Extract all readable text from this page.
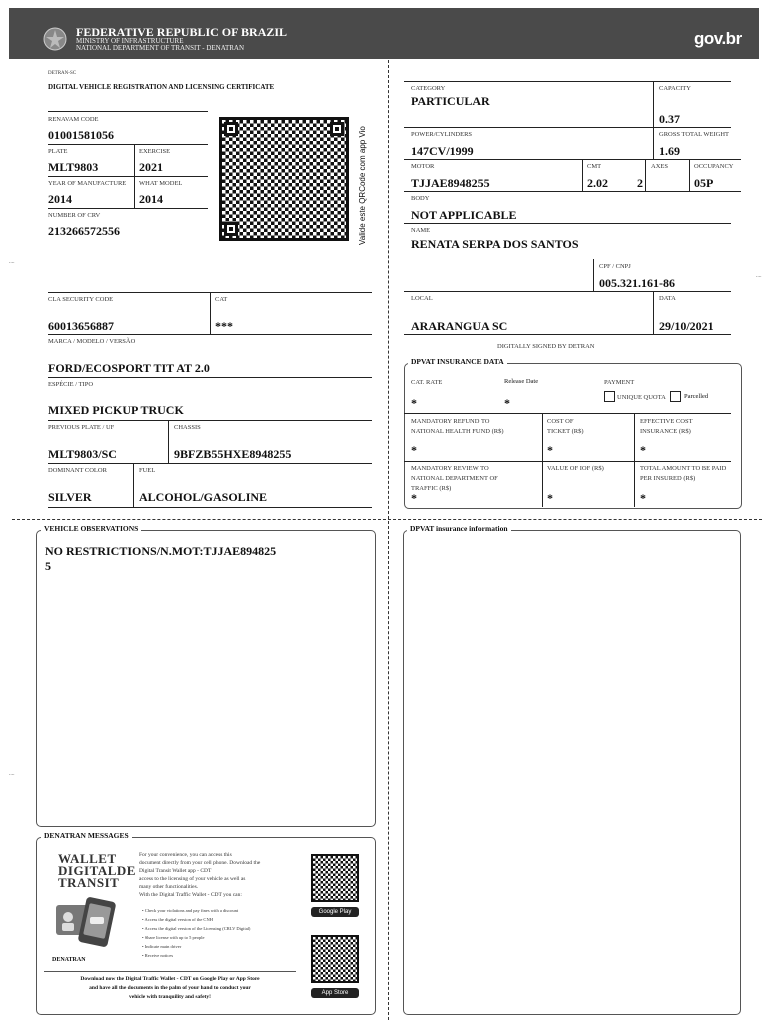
FEDERATIVE REPUBLIC OF BRAZIL
MINISTRY OF INFRASTRUCTURE
NATIONAL DEPARTMENT OF TRANSIT - DENATRAN	gov.br
....
....
....
DETRAN-SC
DIGITAL VEHICLE REGISTRATION AND LICENSING CERTIFICATE
RENAVAM CODE
01001581056
PLATE
MLT9803
EXERCISE
2021
YEAR OF MANUFACTURE
2014
WHAT MODEL
2014
NUMBER OF CRV
213266572556	Valide este QRCode com app Vio
CLA SECURITY CODE
60013656887
CAT
***
MARCA / MODELO / VERSÃO
FORD/ECOSPORT TIT AT 2.0
ESPÉCIE / TIPO
MIXED PICKUP TRUCK
PREVIOUS PLATE / UF
MLT9803/SC
CHASSIS
9BFZB55HXE8948255
DOMINANT COLOR
SILVER
FUEL
ALCOHOL/GASOLINE
CATEGORY
PARTICULAR
CAPACITY
0.37
POWER/CYLINDERS
147CV/1999
GROSS TOTAL WEIGHT
1.69
MOTOR
TJJAE8948255
CMT
2.02
AXES
2
OCCUPANCY
05P
BODY
NOT APPLICABLE
NAME
RENATA SERPA DOS SANTOS
CPF / CNPJ
005.321.161-86
LOCAL
ARARANGUA SC
DATA
29/10/2021
DIGITALLY SIGNED BY DETRAN
DPVAT INSURANCE DATA
CAT. RATE
*
Release Date
*
PAYMENT
UNIQUE QUOTA	Parcelled
MANDATORY REFUND TO
NATIONAL HEALTH FUND (R$)
*
COST OF
TICKET (R$)
*
EFFECTIVE COST
INSURANCE (R$)
*
MANDATORY REVIEW TO
NATIONAL DEPARTMENT OF
TRAFFIC (R$)
*
VALUE OF IOF (R$)
*
TOTAL AMOUNT TO BE PAID
PER INSURED (R$)
*
VEHICLE OBSERVATIONS
NO RESTRICTIONS/N.MOT:TJJAE894825
5
DPVAT insurance information
DENATRAN MESSAGES
WALLET
DIGITALDE
TRANSIT
DENATRAN
For your convenience, you can access this
document directly from your cell phone. Download the
Digital Transit Wallet app - CDT
access to the licensing of your vehicle as well as
many other functionalities.
With the Digital Traffic Wallet - CDT you can:
• Check your violations and pay fines with a discount
• Access the digital version of the CNH
• Access the digital version of the Licensing (CRLV Digital)
• Share license with up to 5 people
• Indicate main driver
• Receive notices
Google Play
App Store
Download now the Digital Traffic Wallet - CDT on Google Play or App Store
and have all the documents in the palm of your hand to conduct your
vehicle with tranquility and safety!
